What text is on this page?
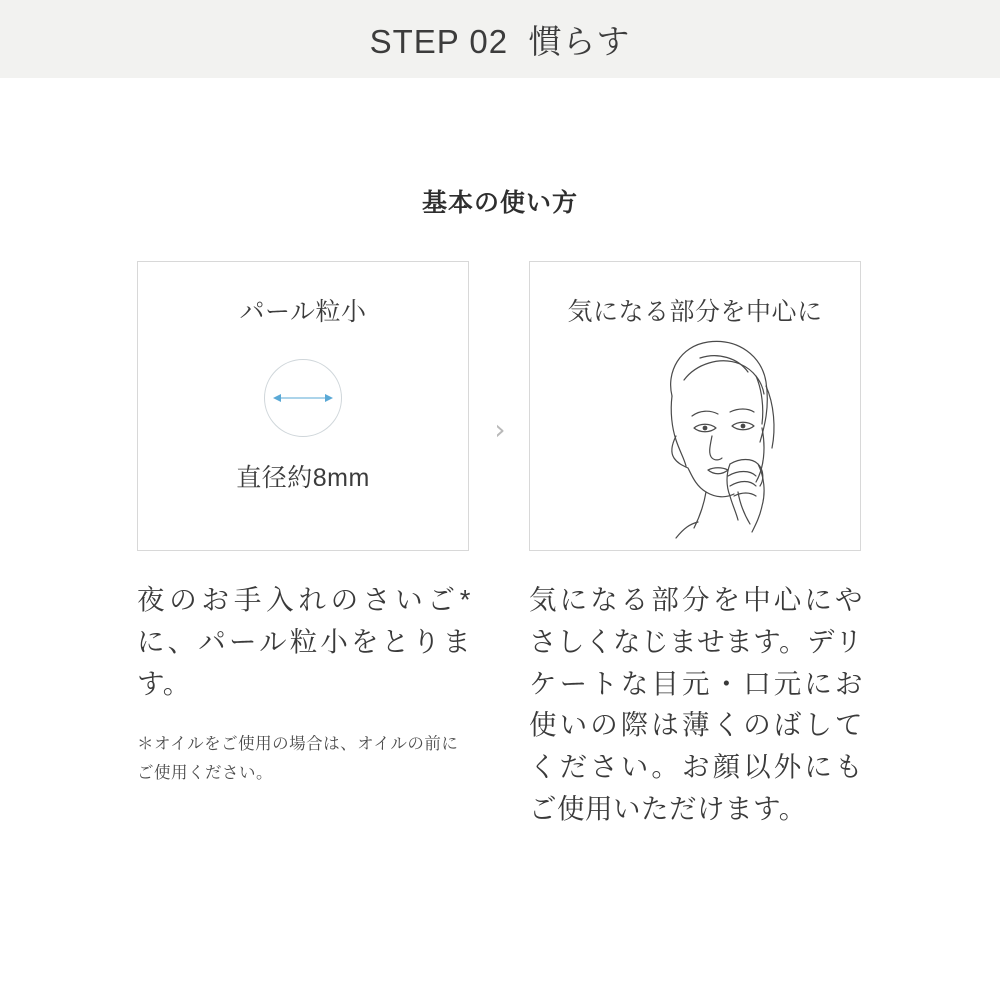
STEP 02  慣らす
基本の使い方
パール粒小
直径約8mm
夜のお手入れのさいご*に、パール粒小をとります。
＊オイルをご使用の場合は、オイルの前にご使用ください。
›
気になる部分を中心に
気になる部分を中心にやさしくなじませます。デリケートな目元・口元にお使いの際は薄くのばしてください。お顔以外にもご使用いただけます。
